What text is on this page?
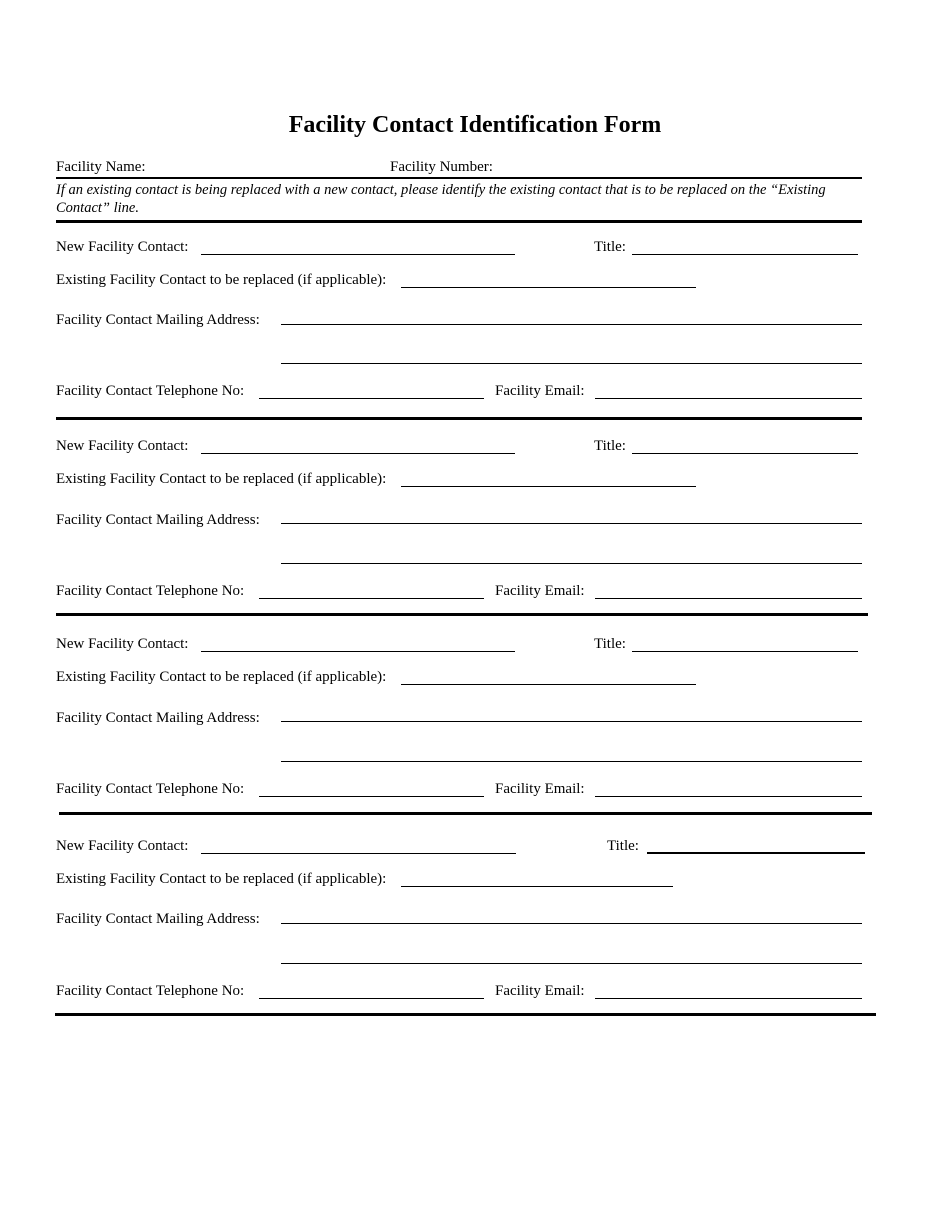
Facility Contact Identification Form
Facility Name:	Facility Number:
If an existing contact is being replaced with a new contact, please identify the existing contact that is to be replaced on the “Existing Contact” line.
New Facility Contact:	Title:
Existing Facility Contact to be replaced (if applicable):
Facility Contact Mailing Address:
Facility Contact Telephone No:	Facility Email:
New Facility Contact:	Title:
Existing Facility Contact to be replaced (if applicable):
Facility Contact Mailing Address:
Facility Contact Telephone No:	Facility Email:
New Facility Contact:	Title:
Existing Facility Contact to be replaced (if applicable):
Facility Contact Mailing Address:
Facility Contact Telephone No:	Facility Email:
New Facility Contact:	Title:
Existing Facility Contact to be replaced (if applicable):
Facility Contact Mailing Address:
Facility Contact Telephone No:	Facility Email:
